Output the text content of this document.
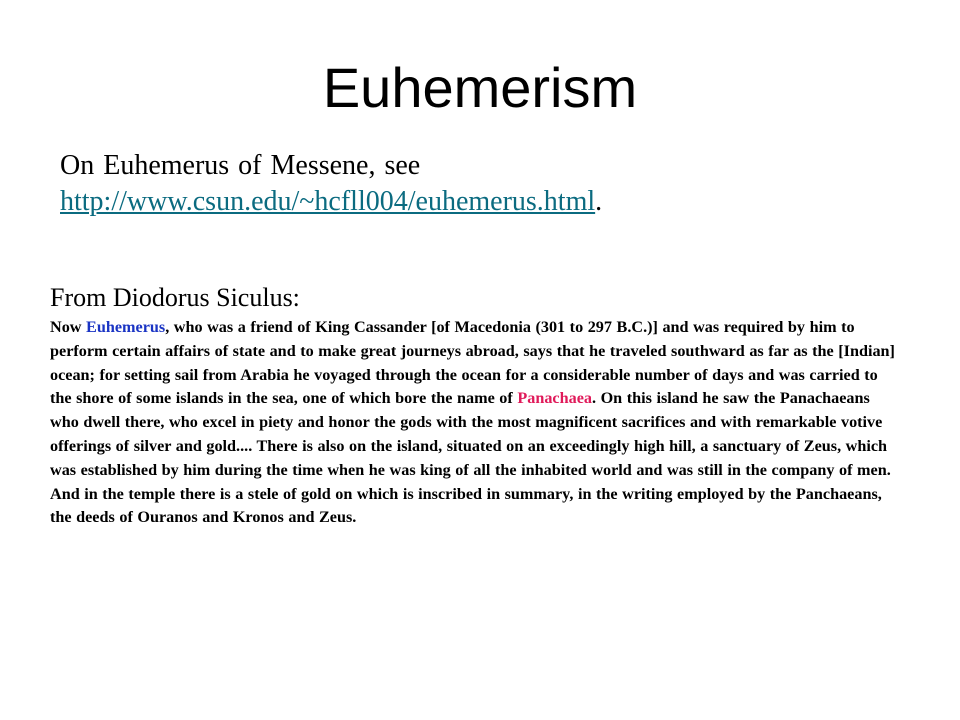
Euhemerism
On Euhemerus of Messene, see http://www.csun.edu/~hcfll004/euhemerus.html.
From Diodorus Siculus:

Now Euhemerus, who was a friend of King Cassander [of Macedonia (301 to 297 B.C.)] and was required by him to perform certain affairs of state and to make great journeys abroad, says that he traveled southward as far as the [Indian] ocean; for setting sail from Arabia he voyaged through the ocean for a considerable number of days and was carried to the shore of some islands in the sea, one of which bore the name of Panachaea. On this island he saw the Panachaeans who dwell there, who excel in piety and honor the gods with the most magnificent sacrifices and with remarkable votive offerings of silver and gold.... There is also on the island, situated on an exceedingly high hill, a sanctuary of Zeus, which was established by him during the time when he was king of all the inhabited world and was still in the company of men. And in the temple there is a stele of gold on which is inscribed in summary, in the writing employed by the Panchaeans, the deeds of Ouranos and Kronos and Zeus.
